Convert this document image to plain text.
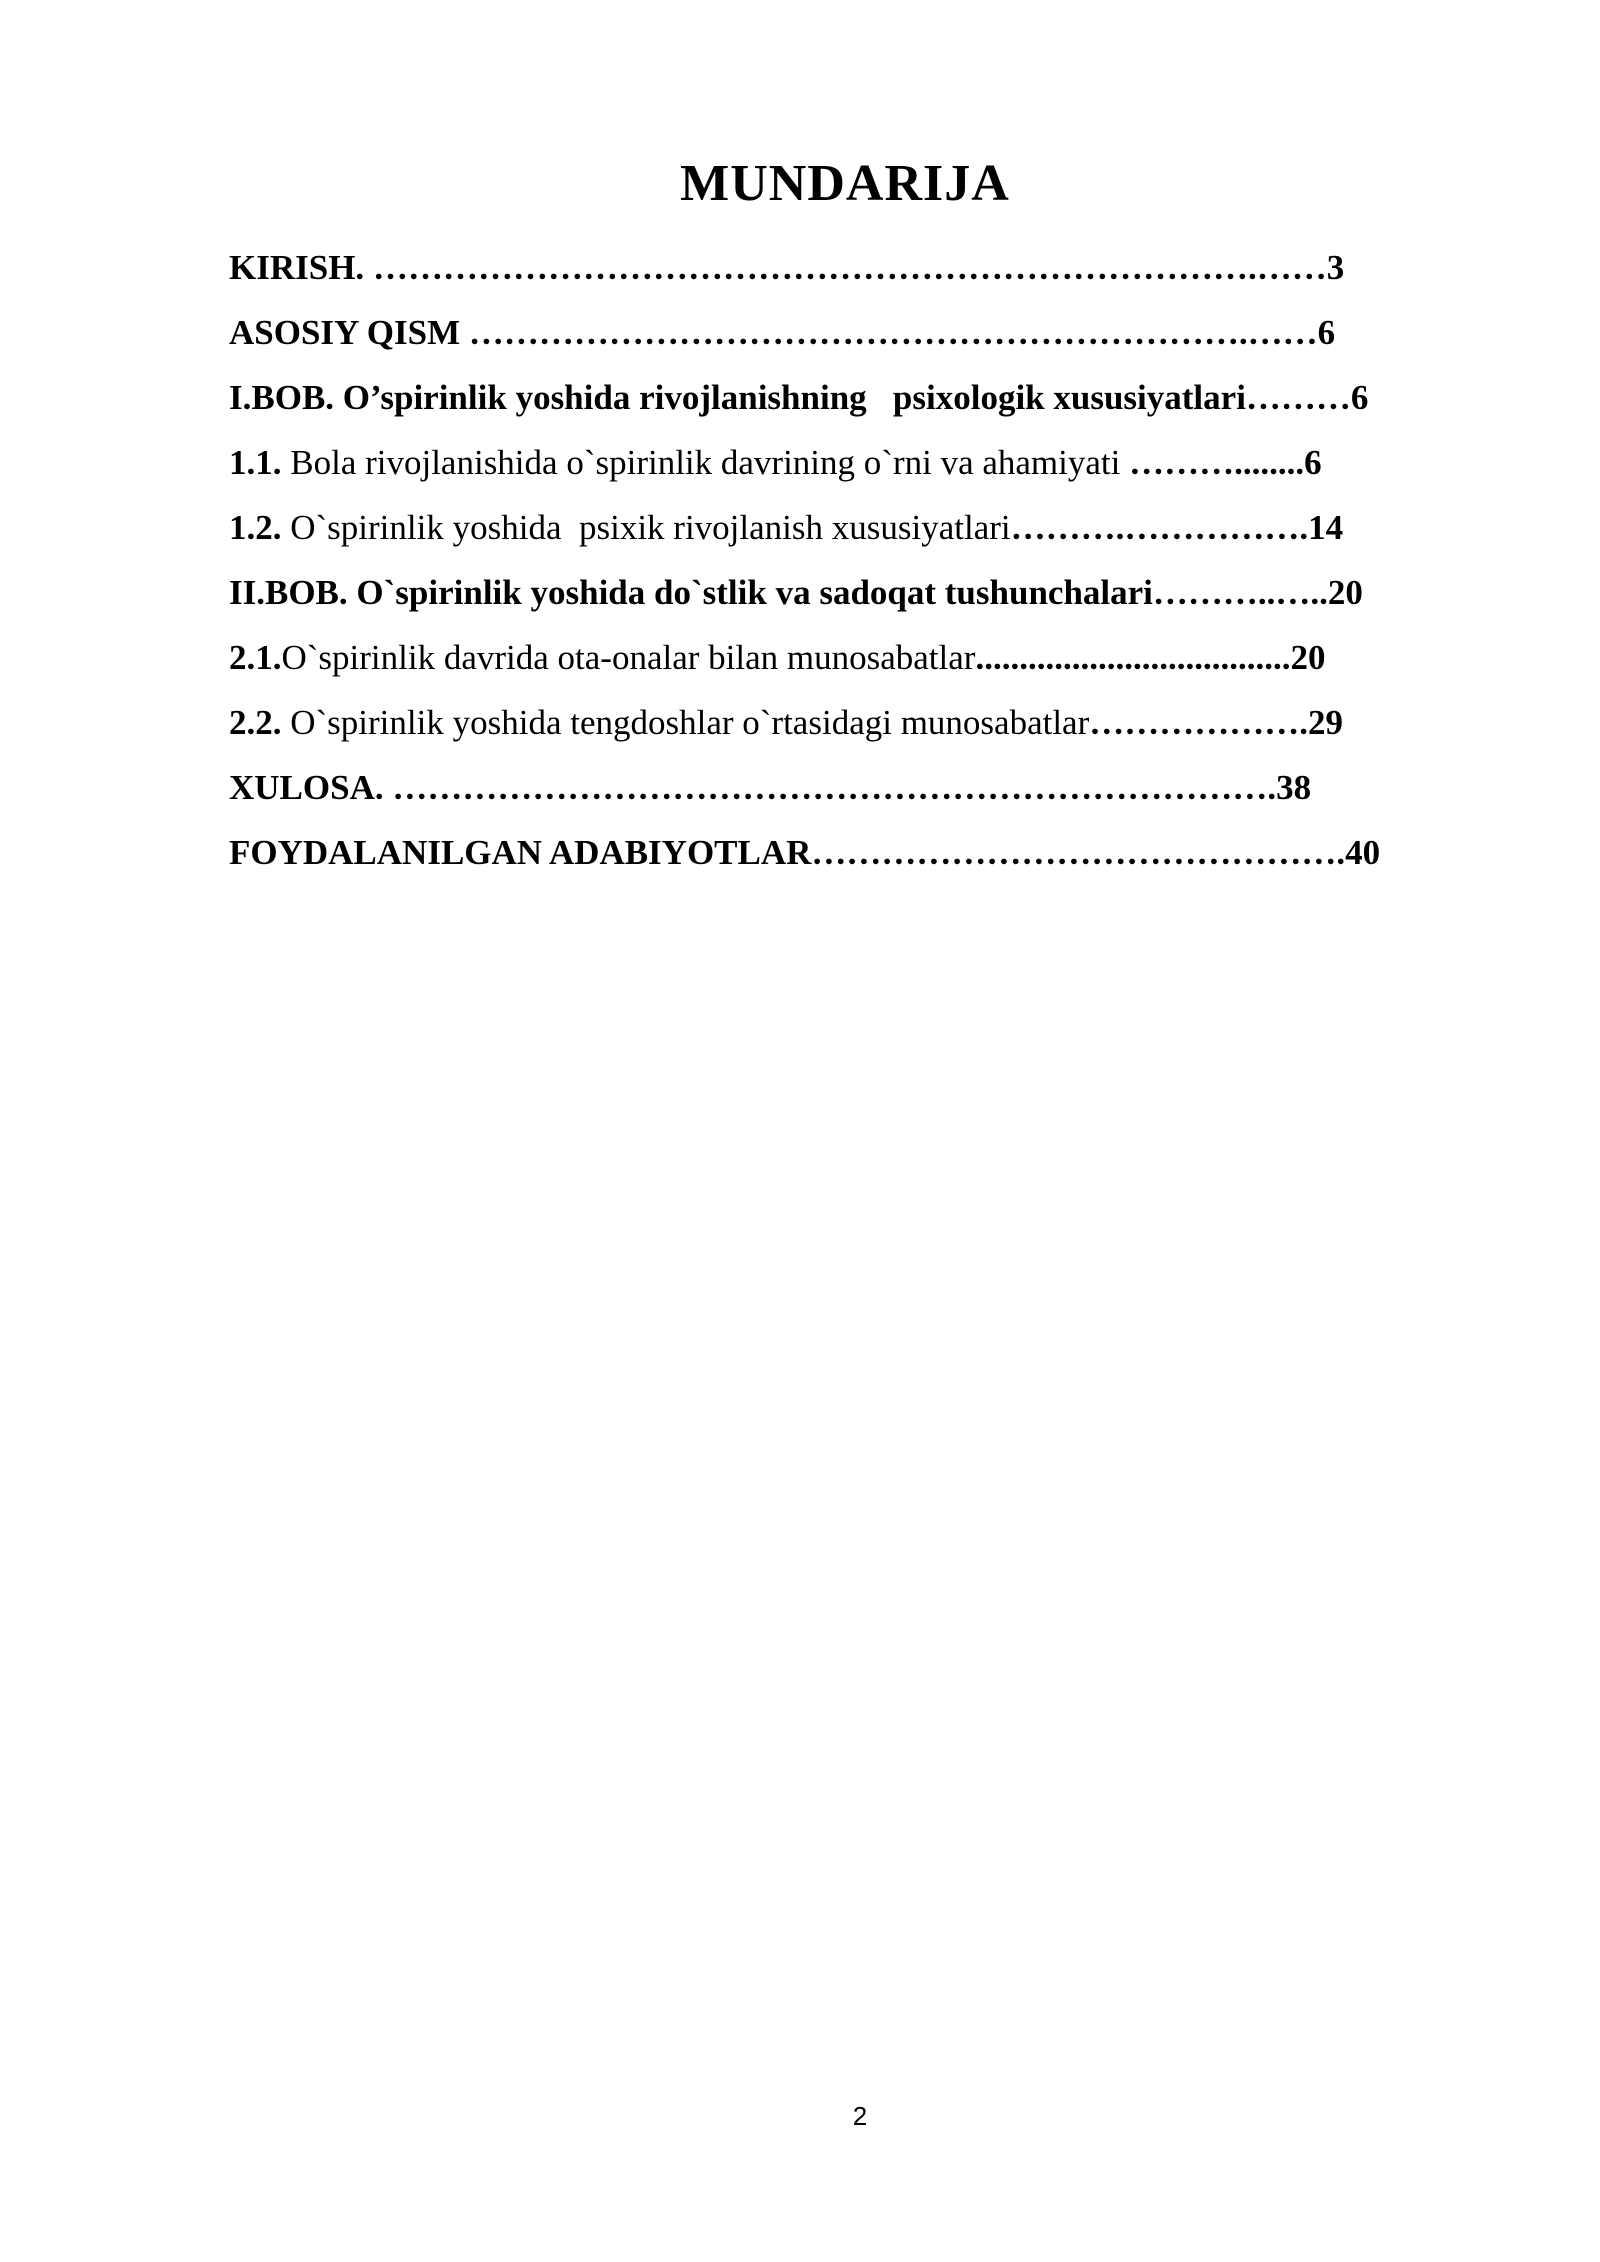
MUNDARIJA
KIRISH. ………………………………………………………………….……3
ASOSIY QISM ………………………………………………………….……6
I.BOB. O’spirinlik yoshida rivojlanishning   psixologik xususiyatlari………6
1.1. Bola rivojlanishida o`spirinlik davrining o`rni va ahamiyati ………........6
1.2. O`spirinlik yoshida  psixik rivojlanish xususiyatlari……….…………….14
II.BOB. O`spirinlik yoshida do`stlik va sadoqat tushunchalari………..…..20
2.1.O`spirinlik davrida ota-onalar bilan munosabatlar....................................20
2.2. O`spirinlik yoshida tengdoshlar o`rtasidagi munosabatlar……………….29
XULOSA. ………………………………………………………………….38
FOYDALANILGAN ADABIYOTLAR……………………………………….40
2
